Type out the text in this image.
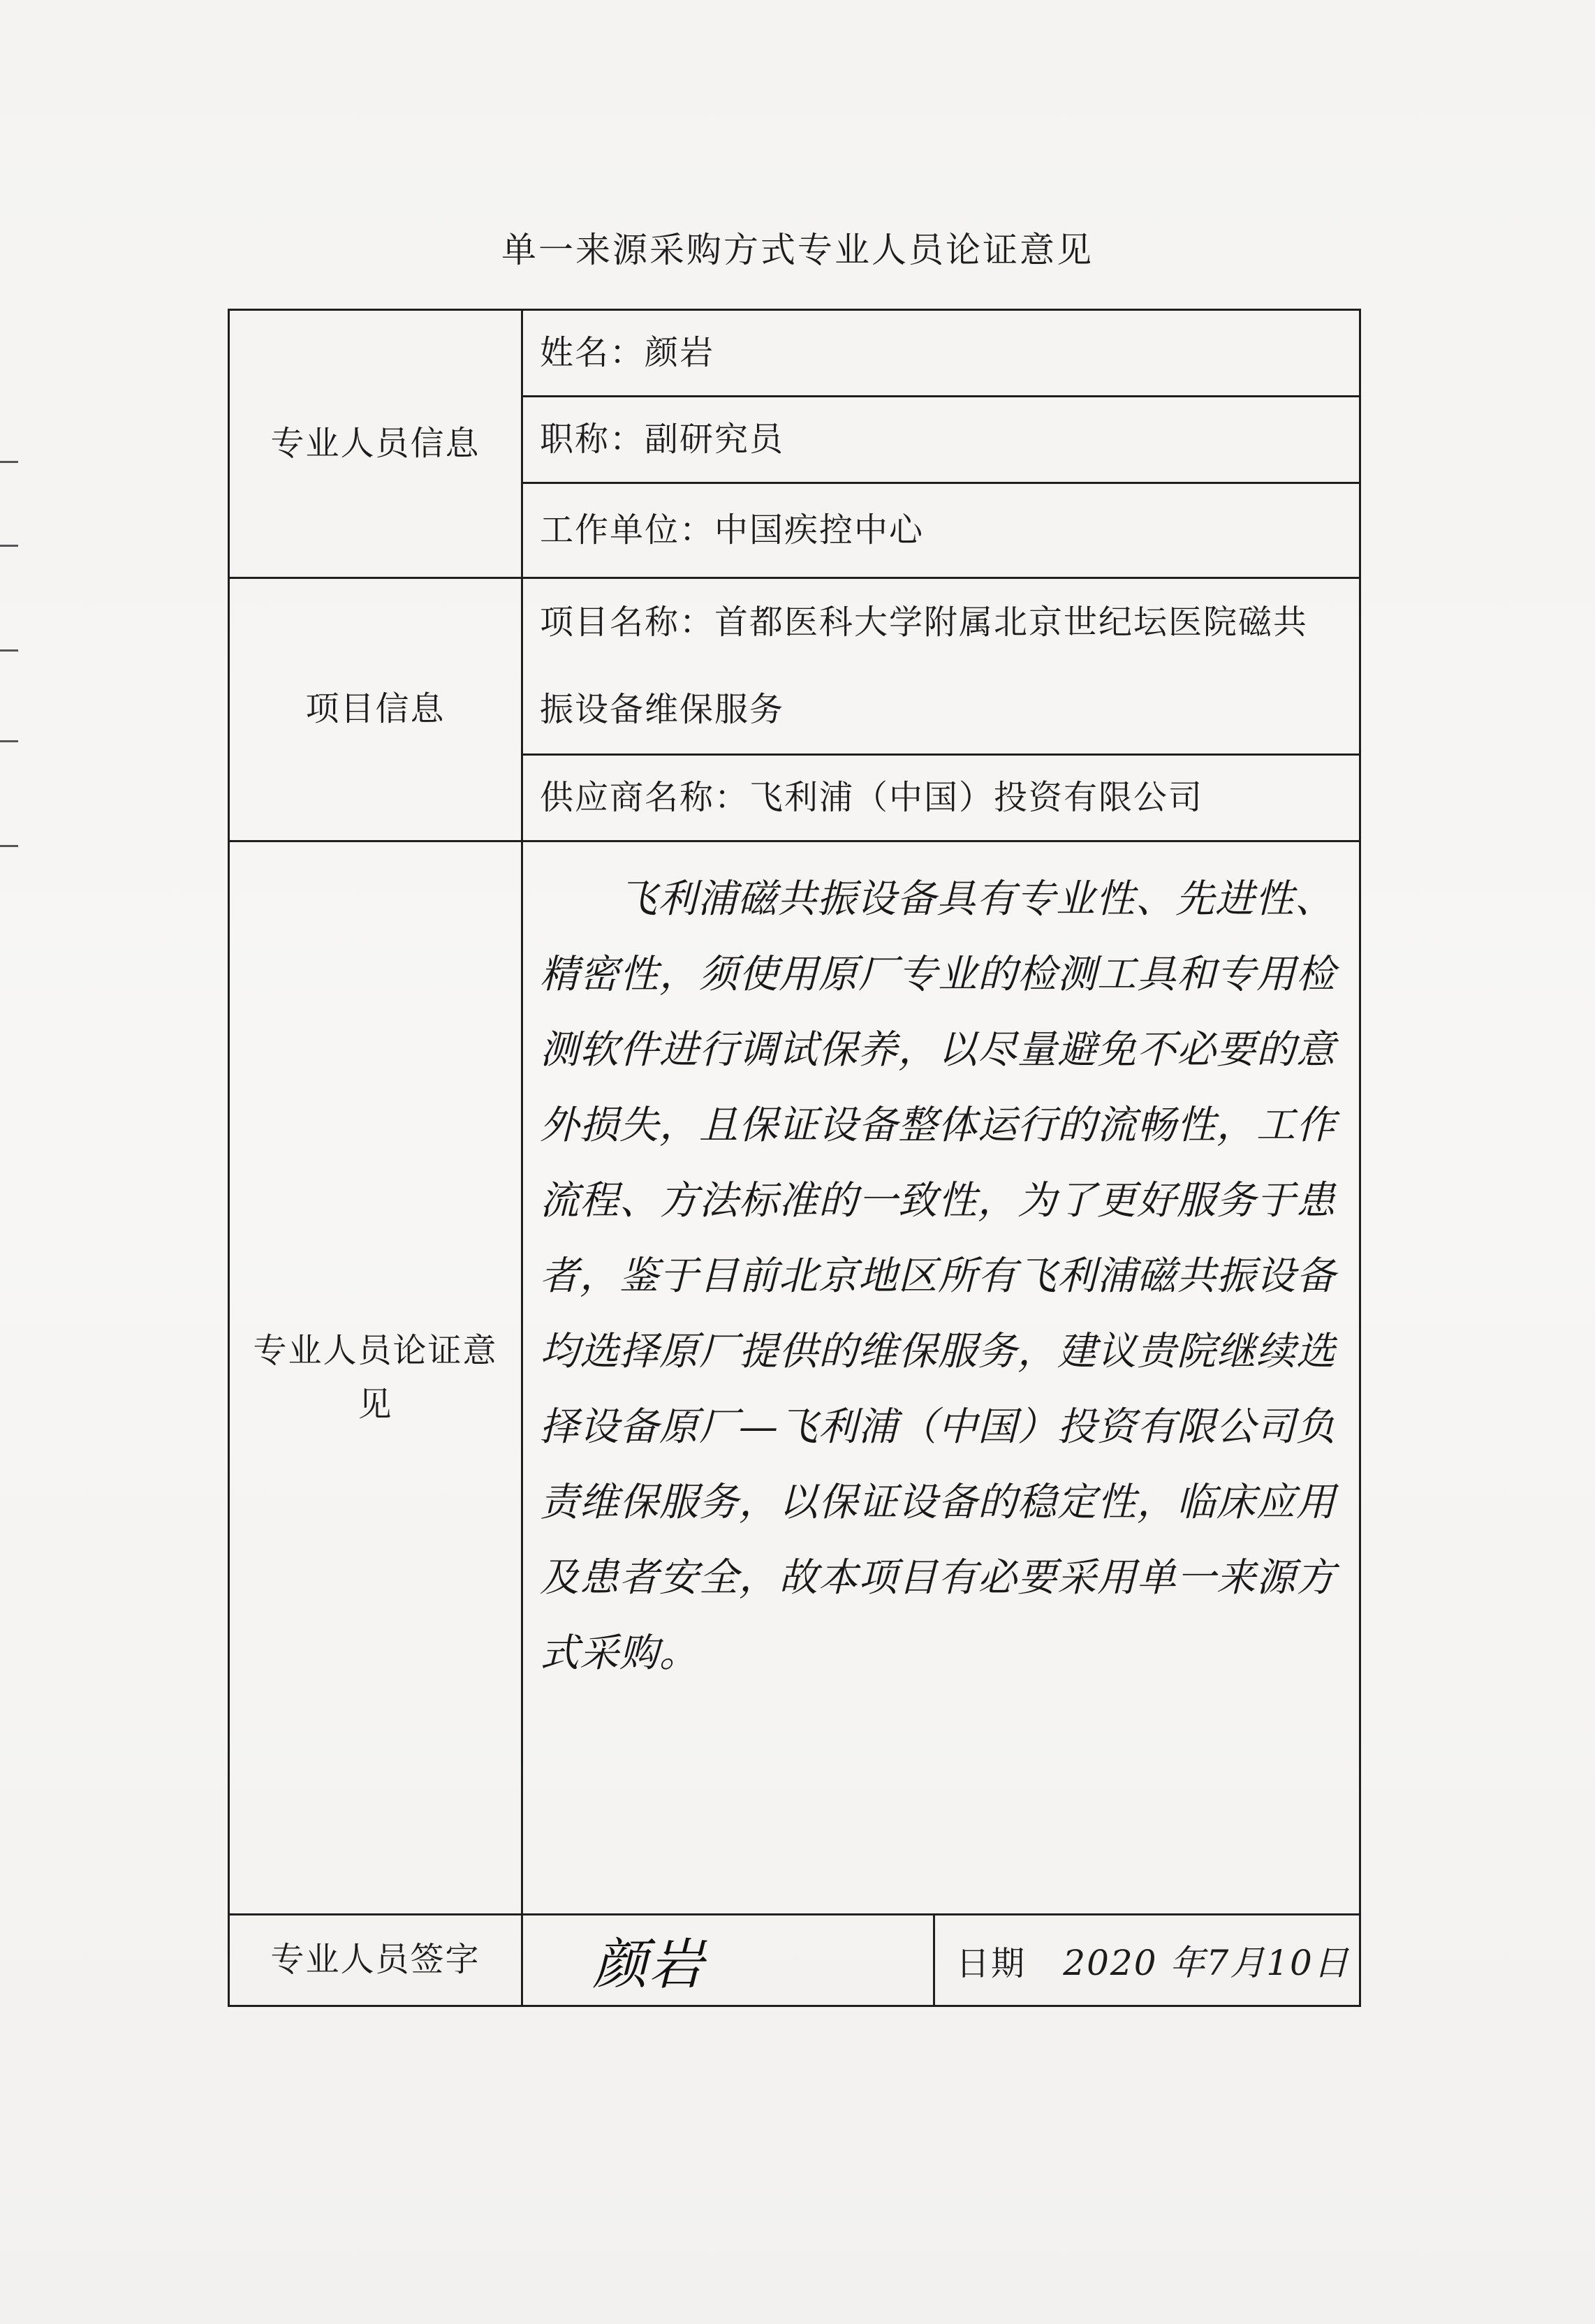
单一来源采购方式专业人员论证意见
专业人员信息	姓名：颜岩	
	职称：副研究员	
	工作单位：中国疾控中心	
项目信息	项目名称：首都医科大学附属北京世纪坛医院磁共振设备维保服务	
	供应商名称：飞利浦（中国）投资有限公司	
专业人员论证意见	飞利浦磁共振设备具有专业性、先进性、精密性，须使用原厂专业的检测工具和专用检测软件进行调试保养，以尽量避免不必要的意外损失，且保证设备整体运行的流畅性，工作流程、方法标准的一致性，为了更好服务于患者，鉴于目前北京地区所有飞利浦磁共振设备均选择原厂提供的维保服务，建议贵院继续选择设备原厂—飞利浦（中国）投资有限公司负责维保服务，以保证设备的稳定性，临床应用及患者安全，故本项目有必要采用单一来源方式采购。	

专业人员签字	颜岩	日期 2020 年7月10日
